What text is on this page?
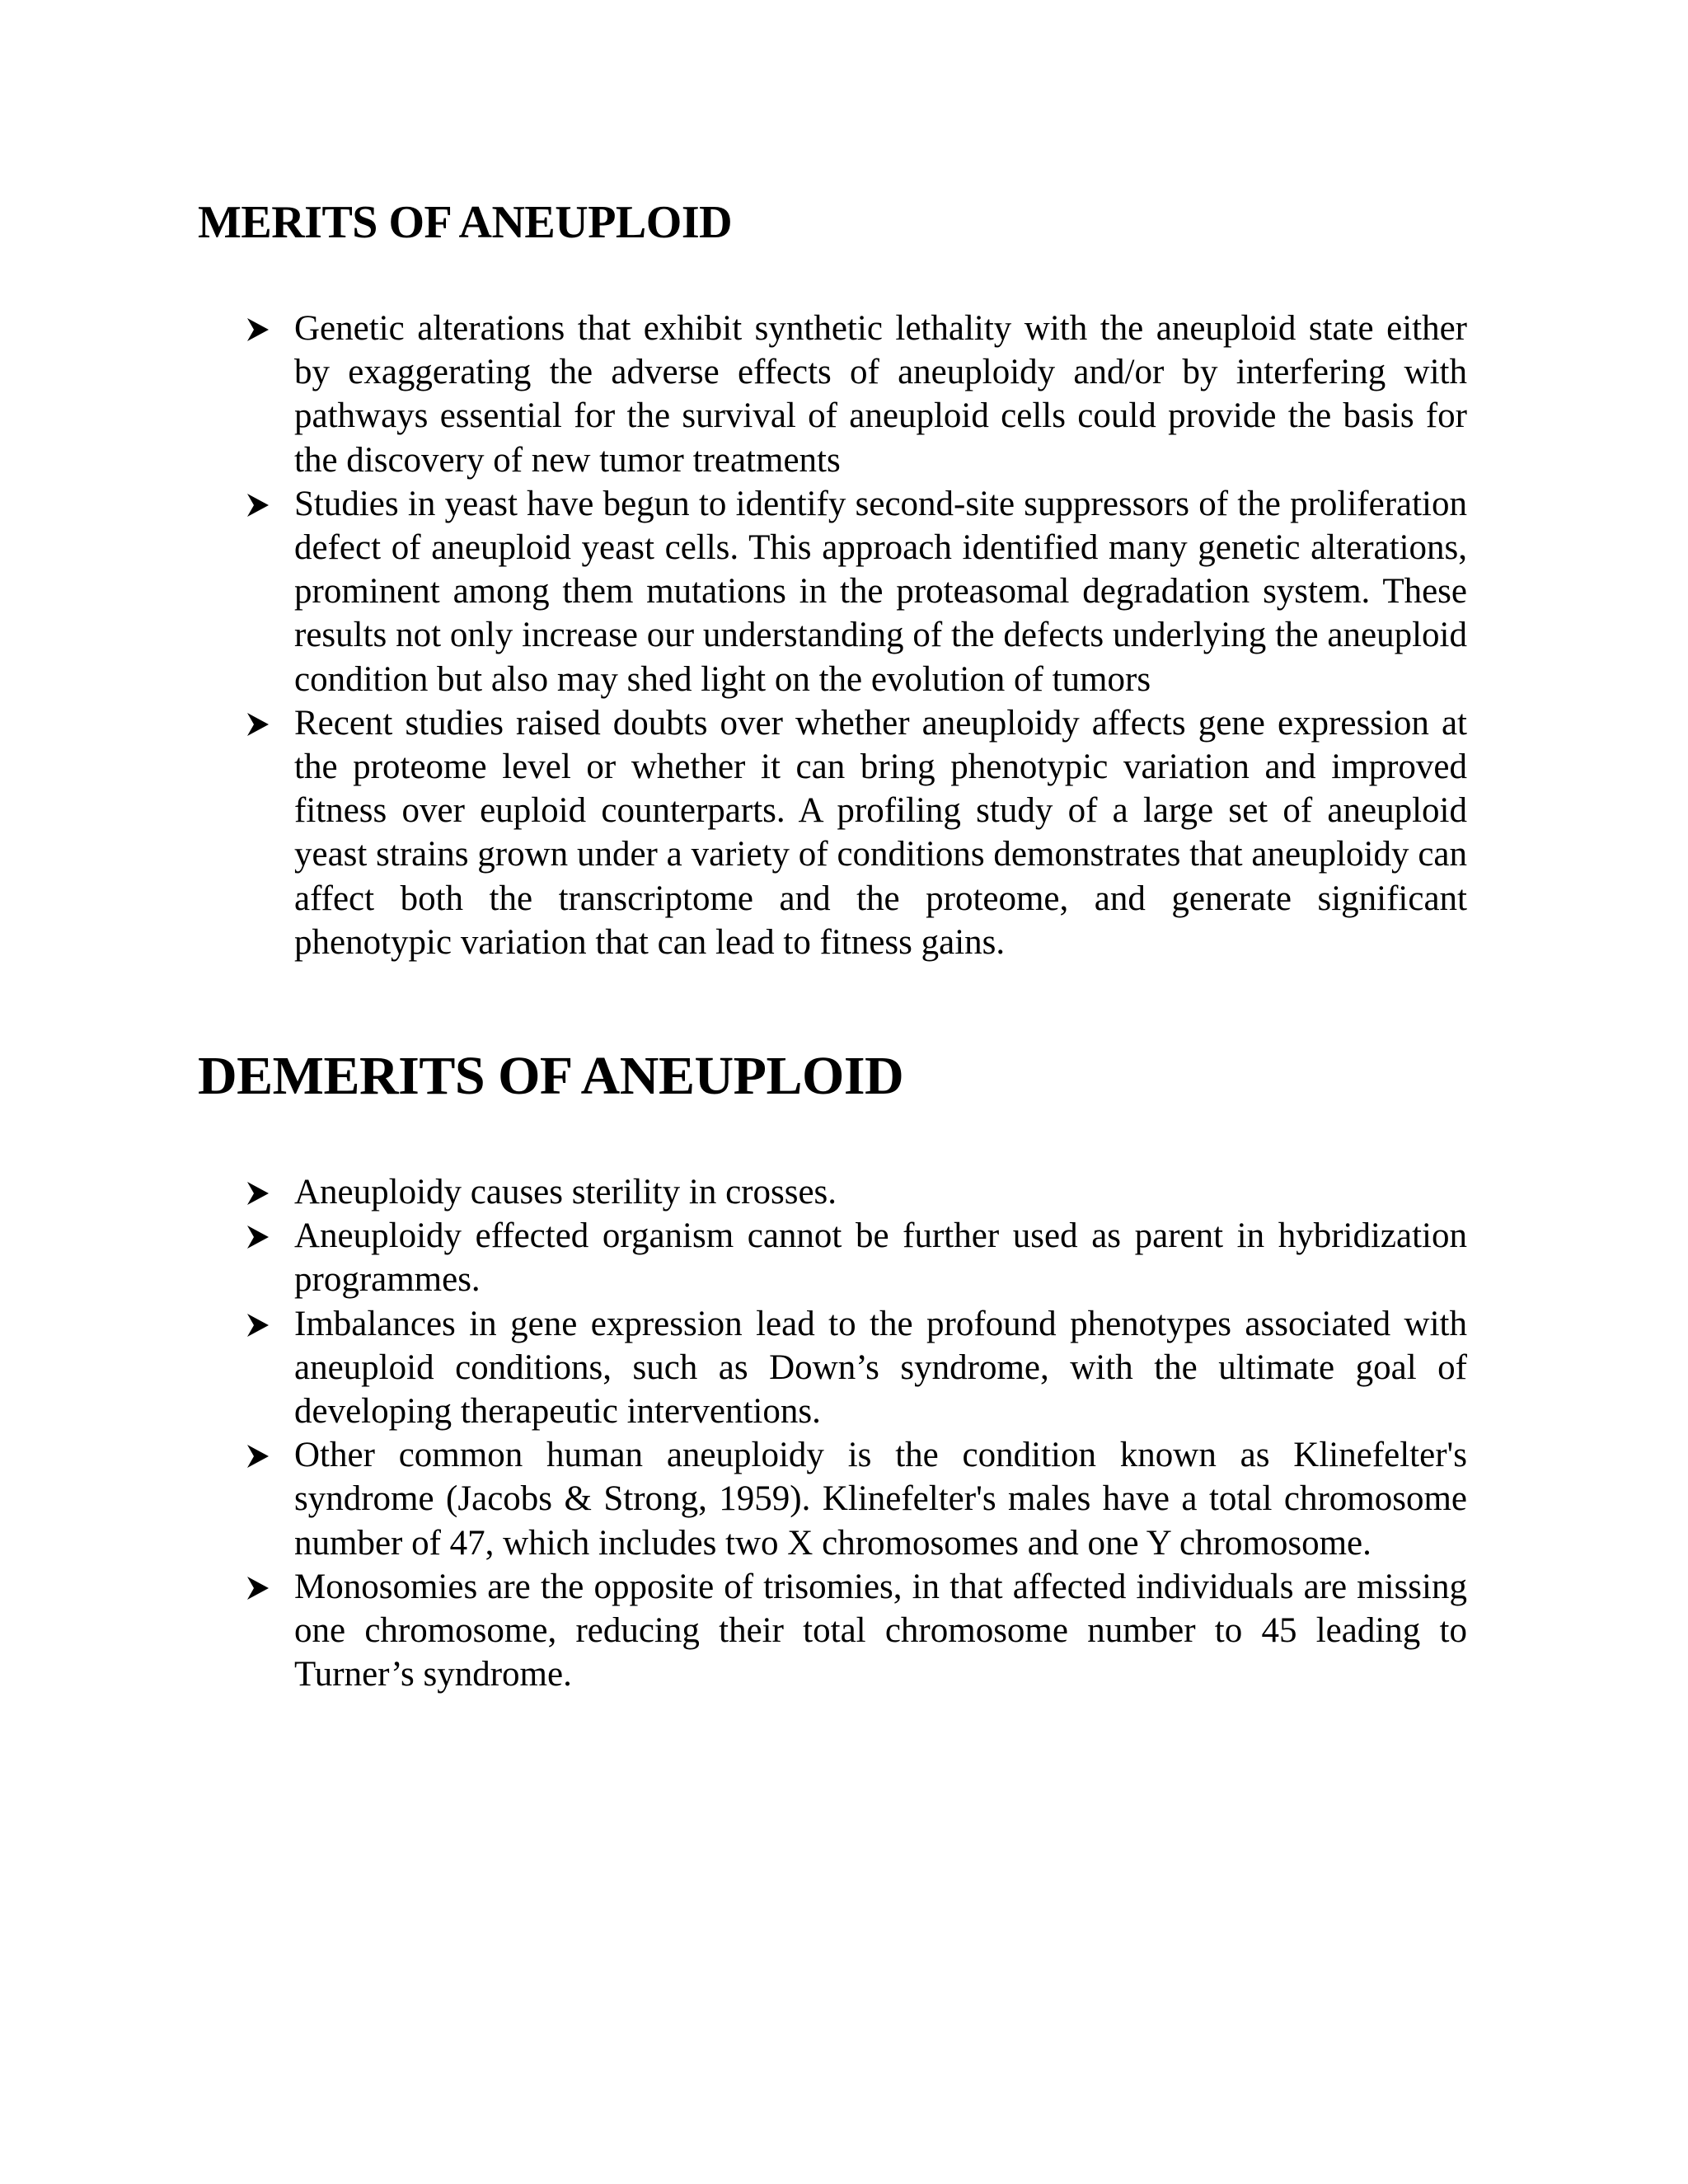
MERITS OF ANEUPLOID
Genetic alterations that exhibit synthetic lethality with the aneuploid state either by exaggerating the adverse effects of aneuploidy and/or by interfering with pathways essential for the survival of aneuploid cells could provide the basis for the discovery of new tumor treatments
Studies in yeast have begun to identify second-site suppressors of the proliferation defect of aneuploid yeast cells. This approach identified many genetic alterations, prominent among them mutations in the proteasomal degradation system. These results not only increase our understanding of the defects underlying the aneuploid condition but also may shed light on the evolution of tumors
Recent studies raised doubts over whether aneuploidy affects gene expression at the proteome level or whether it can bring phenotypic variation and improved fitness over euploid counterparts. A profiling study of a large set of aneuploid yeast strains grown under a variety of conditions demonstrates that aneuploidy can affect both the transcriptome and the proteome, and generate significant phenotypic variation that can lead to fitness gains.
DEMERITS OF ANEUPLOID
Aneuploidy causes sterility in crosses.
Aneuploidy effected organism cannot be further used as parent in hybridization programmes.
Imbalances in gene expression lead to the profound phenotypes associated with aneuploid conditions, such as Down’s syndrome, with the ultimate goal of developing therapeutic interventions.
Other common human aneuploidy is the condition known as Klinefelter's syndrome (Jacobs & Strong, 1959). Klinefelter's males have a total chromosome number of 47, which includes two X chromosomes and one Y chromosome.
Monosomies are the opposite of trisomies, in that affected individuals are missing one chromosome, reducing their total chromosome number to 45 leading to Turner’s syndrome.
